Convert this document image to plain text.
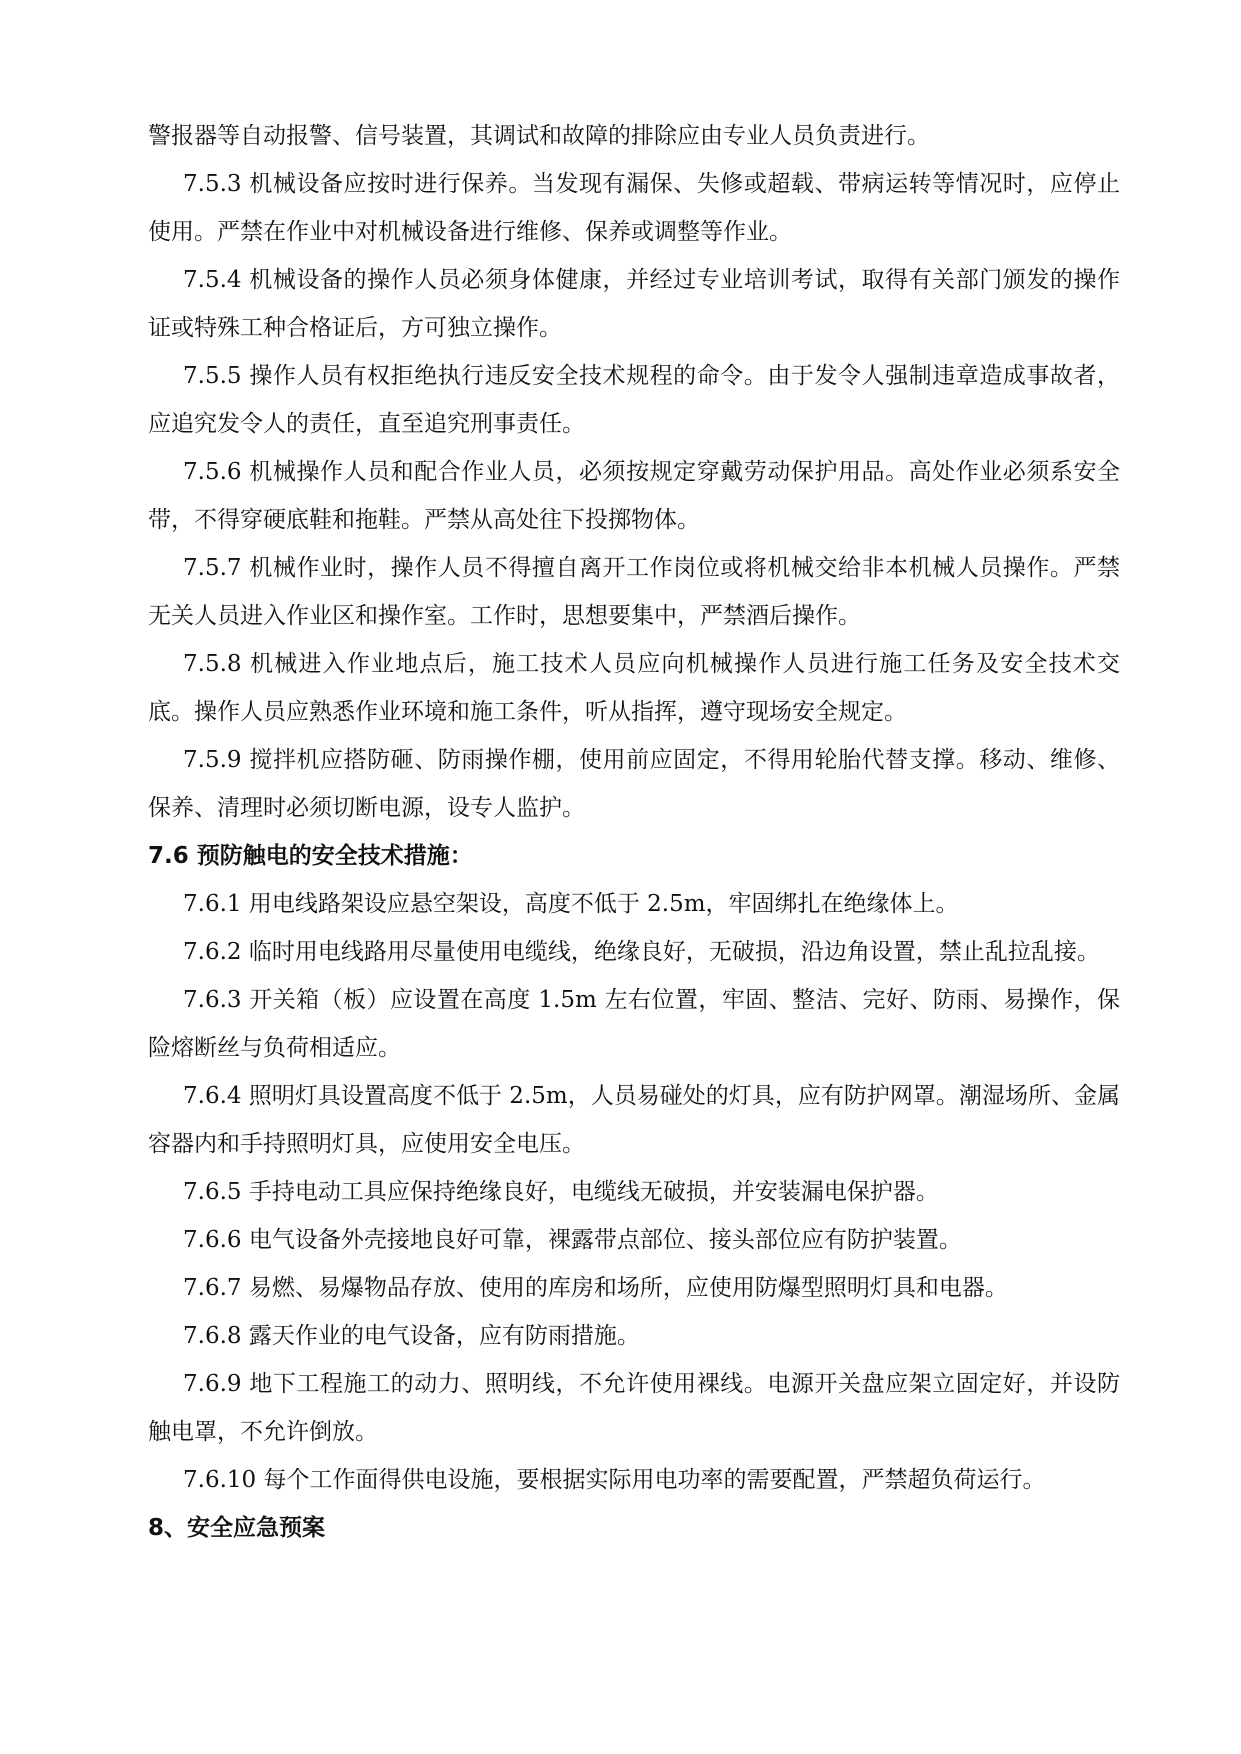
警报器等自动报警、信号装置，其调试和故障的排除应由专业人员负责进行。

7.5.3 机械设备应按时进行保养。当发现有漏保、失修或超载、带病运转等情况时，应停止使用。严禁在作业中对机械设备进行维修、保养或调整等作业。

7.5.4 机械设备的操作人员必须身体健康，并经过专业培训考试，取得有关部门颁发的操作证或特殊工种合格证后，方可独立操作。

7.5.5 操作人员有权拒绝执行违反安全技术规程的命令。由于发令人强制违章造成事故者，应追究发令人的责任，直至追究刑事责任。

7.5.6 机械操作人员和配合作业人员，必须按规定穿戴劳动保护用品。高处作业必须系安全带，不得穿硬底鞋和拖鞋。严禁从高处往下投掷物体。

7.5.7 机械作业时，操作人员不得擅自离开工作岗位或将机械交给非本机械人员操作。严禁无关人员进入作业区和操作室。工作时，思想要集中，严禁酒后操作。

7.5.8 机械进入作业地点后，施工技术人员应向机械操作人员进行施工任务及安全技术交底。操作人员应熟悉作业环境和施工条件，听从指挥，遵守现场安全规定。

7.5.9 搅拌机应搭防砸、防雨操作棚，使用前应固定，不得用轮胎代替支撑。移动、维修、保养、清理时必须切断电源，设专人监护。

7.6 预防触电的安全技术措施：

7.6.1 用电线路架设应悬空架设，高度不低于 2.5m，牢固绑扎在绝缘体上。

7.6.2 临时用电线路用尽量使用电缆线，绝缘良好，无破损，沿边角设置，禁止乱拉乱接。

7.6.3 开关箱（板）应设置在高度 1.5m 左右位置，牢固、整洁、完好、防雨、易操作，保险熔断丝与负荷相适应。

7.6.4 照明灯具设置高度不低于 2.5m，人员易碰处的灯具，应有防护网罩。潮湿场所、金属容器内和手持照明灯具，应使用安全电压。

7.6.5 手持电动工具应保持绝缘良好，电缆线无破损，并安装漏电保护器。

7.6.6 电气设备外壳接地良好可靠，裸露带点部位、接头部位应有防护装置。

7.6.7 易燃、易爆物品存放、使用的库房和场所，应使用防爆型照明灯具和电器。

7.6.8 露天作业的电气设备，应有防雨措施。

7.6.9 地下工程施工的动力、照明线，不允许使用裸线。电源开关盘应架立固定好，并设防触电罩，不允许倒放。

7.6.10 每个工作面得供电设施，要根据实际用电功率的需要配置，严禁超负荷运行。

8、安全应急预案
